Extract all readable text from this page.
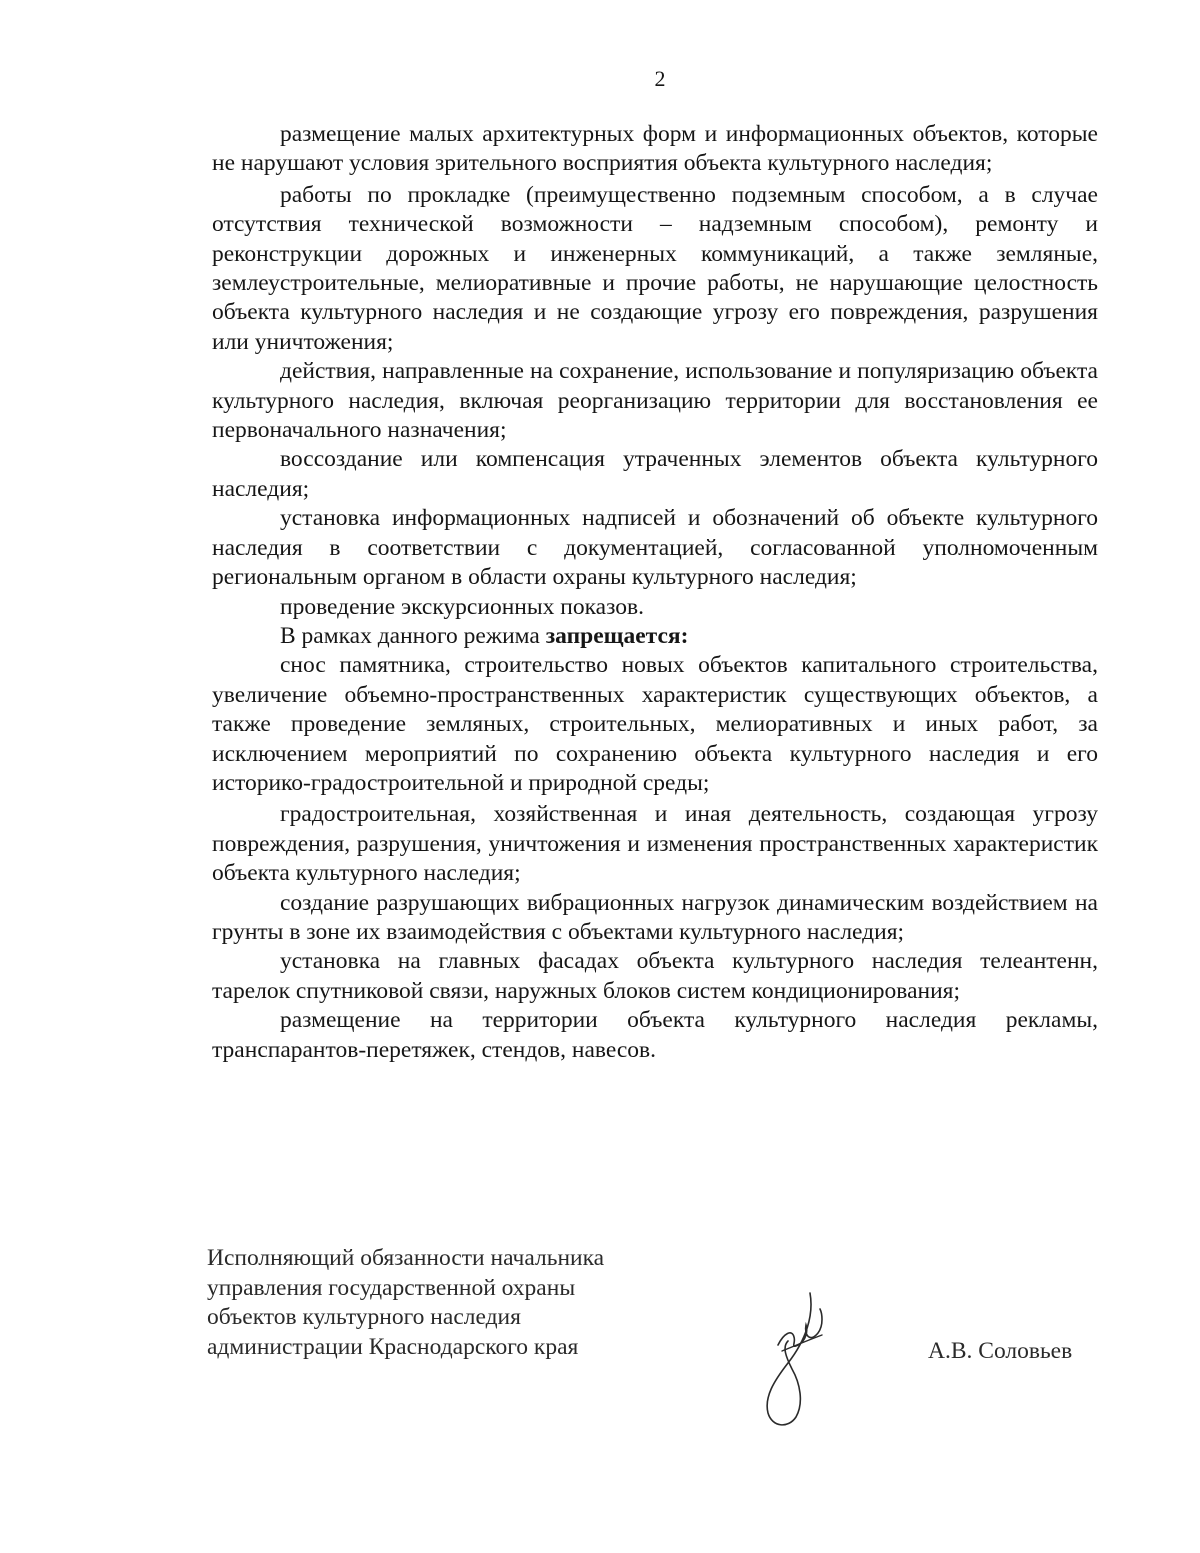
2

размещение малых архитектурных форм и информационных объектов, которые не нарушают условия зрительного восприятия объекта культурного наследия;

работы по прокладке (преимущественно подземным способом, а в случае отсутствия технической возможности – надземным способом), ремонту и реконструкции дорожных и инженерных коммуникаций, а также земляные, землеустроительные, мелиоративные и прочие работы, не нарушающие целостность объекта культурного наследия и не создающие угрозу его повреждения, разрушения или уничтожения;

действия, направленные на сохранение, использование и популяризацию объекта культурного наследия, включая реорганизацию территории для восстановления ее первоначального назначения;

воссоздание или компенсация утраченных элементов объекта культурного наследия;

установка информационных надписей и обозначений об объекте культурного наследия в соответствии с документацией, согласованной уполномоченным региональным органом в области охраны культурного наследия;

проведение экскурсионных показов.

В рамках данного режима запрещается:

снос памятника, строительство новых объектов капитального строительства, увеличение объемно-пространственных характеристик существующих объектов, а также проведение земляных, строительных, мелиоративных и иных работ, за исключением мероприятий по сохранению объекта культурного наследия и его историко-градостроительной и природной среды;

градостроительная, хозяйственная и иная деятельность, создающая угрозу повреждения, разрушения, уничтожения и изменения пространственных характеристик объекта культурного наследия;

создание разрушающих вибрационных нагрузок динамическим воздействием на грунты в зоне их взаимодействия с объектами культурного наследия;

установка на главных фасадах объекта культурного наследия телеантенн, тарелок спутниковой связи, наружных блоков систем кондиционирования;

размещение на территории объекта культурного наследия рекламы, транспарантов-перетяжек, стендов, навесов.

Исполняющий обязанности начальника
управления государственной охраны
объектов культурного наследия
администрации Краснодарского края	А.В. Соловьев
